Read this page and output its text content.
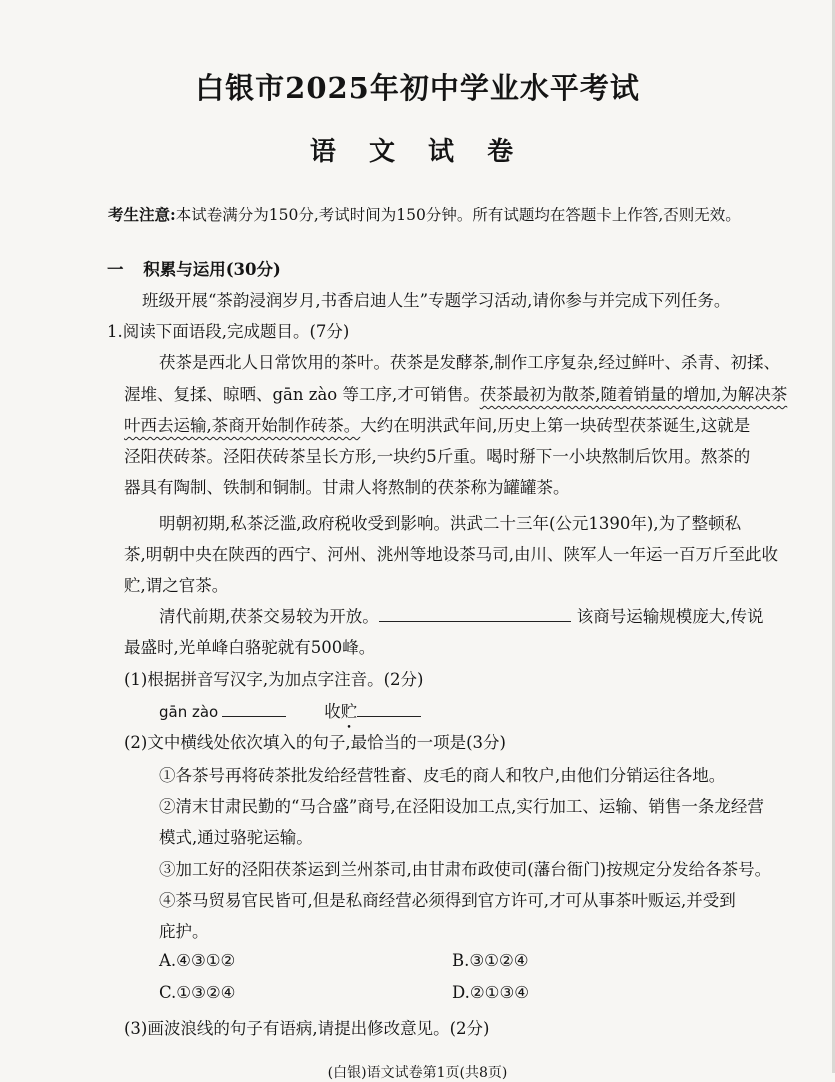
白银市2025年初中学业水平考试
语 文 试 卷
考生注意:本试卷满分为150分,考试时间为150分钟。所有试题均在答题卡上作答,否则无效。
一 积累与运用(30分)
班级开展“茶韵浸润岁月,书香启迪人生”专题学习活动,请你参与并完成下列任务。
1.阅读下面语段,完成题目。(7分)
茯茶是西北人日常饮用的茶叶。茯茶是发酵茶,制作工序复杂,经过鲜叶、杀青、初揉、
渥堆、复揉、晾晒、gān zào 等工序,才可销售。茯茶最初为散茶,随着销量的增加,为解决茶
叶西去运输,茶商开始制作砖茶。大约在明洪武年间,历史上第一块砖型茯茶诞生,这就是
泾阳茯砖茶。泾阳茯砖茶呈长方形,一块约5斤重。喝时掰下一小块熬制后饮用。熬茶的
器具有陶制、铁制和铜制。甘肃人将熬制的茯茶称为罐罐茶。
明朝初期,私茶泛滥,政府税收受到影响。洪武二十三年(公元1390年),为了整顿私
茶,明朝中央在陕西的西宁、河州、洮州等地设茶马司,由川、陕军人一年运一百万斤至此收
贮,谓之官茶。
清代前期,茯茶交易较为开放。	该商号运输规模庞大,传说
最盛时,光单峰白骆驼就有500峰。
(1)根据拼音写汉字,为加点字注音。(2分)
gān zào	收贮
(2)文中横线处依次填入的句子,最恰当的一项是(3分)
①各茶号再将砖茶批发给经营牲畜、皮毛的商人和牧户,由他们分销运往各地。
②清末甘肃民勤的“马合盛”商号,在泾阳设加工点,实行加工、运输、销售一条龙经营
模式,通过骆驼运输。
③加工好的泾阳茯茶运到兰州茶司,由甘肃布政使司(藩台衙门)按规定分发给各茶号。
④茶马贸易官民皆可,但是私商经营必须得到官方许可,才可从事茶叶贩运,并受到
庇护。
A.④③①②	B.③①②④
C.①③②④	D.②①③④
(3)画波浪线的句子有语病,请提出修改意见。(2分)
(白银)语文试卷第1页(共8页)
